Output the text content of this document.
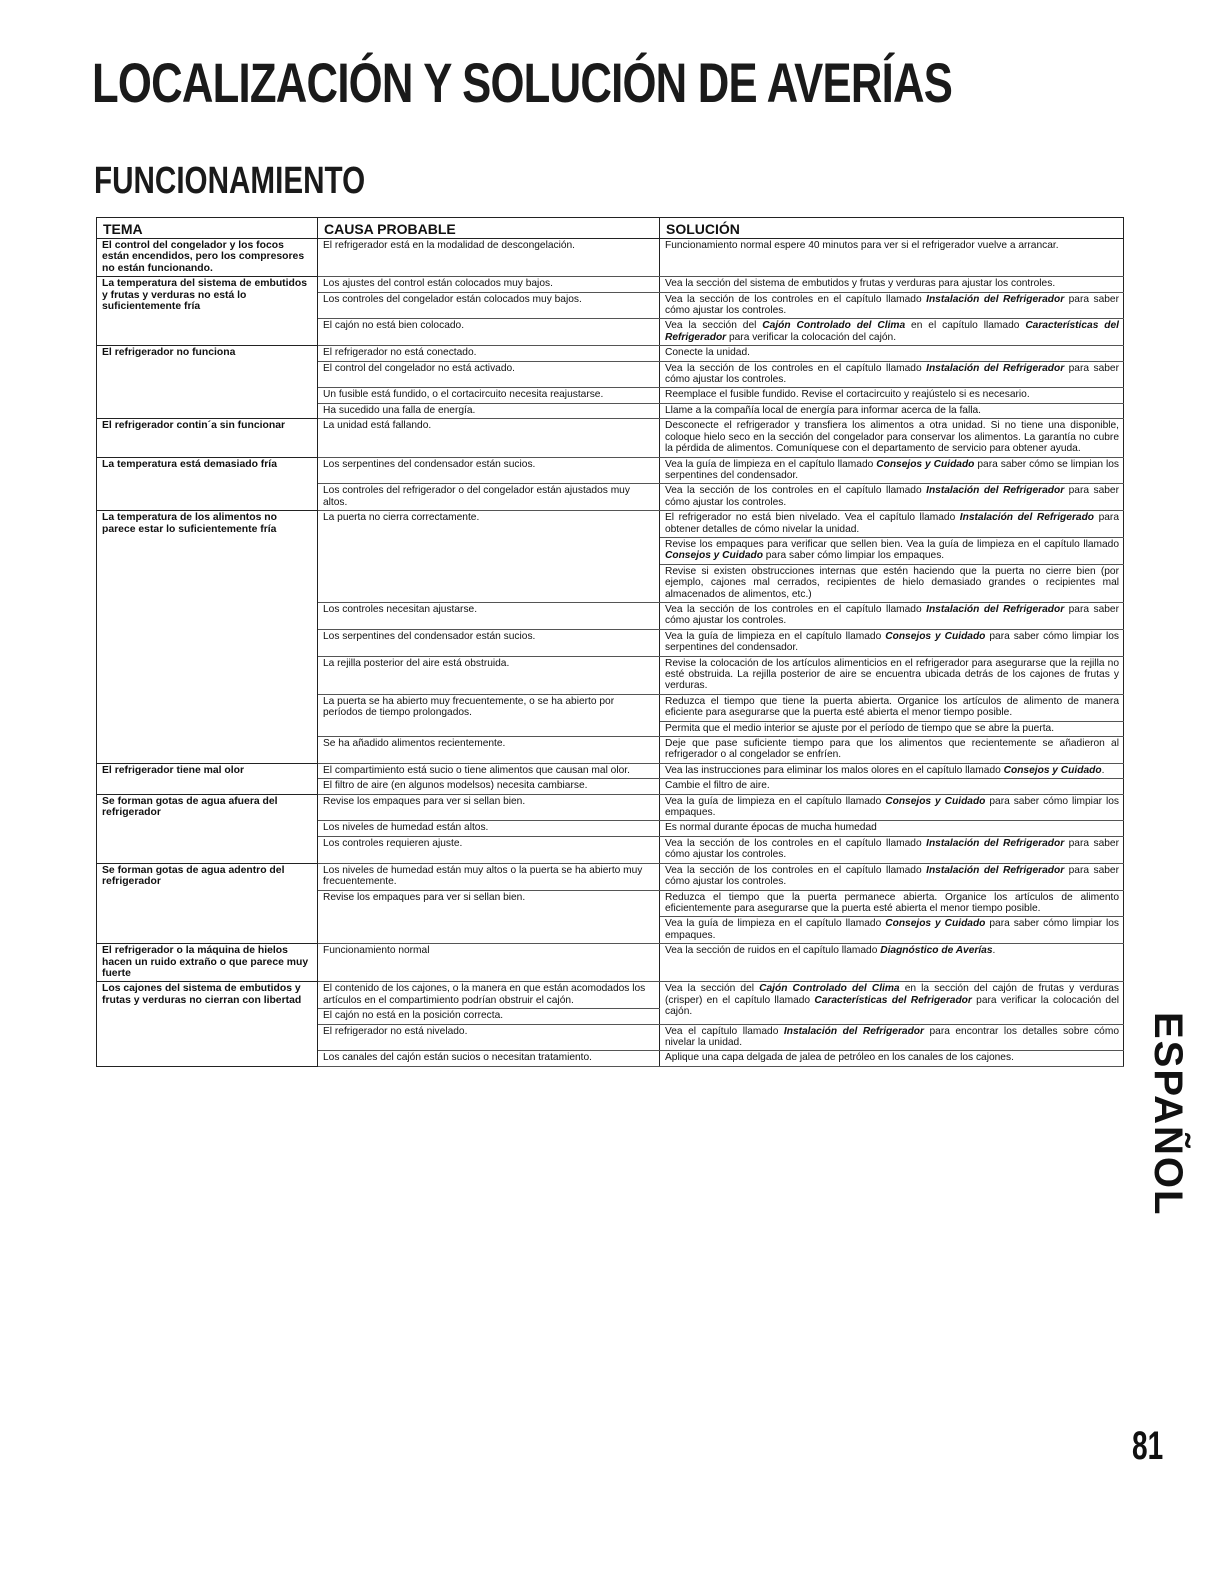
LOCALIZACIÓN Y SOLUCIÓN DE AVERÍAS
FUNCIONAMIENTO
TEMA	CAUSA PROBABLE	SOLUCIÓN
El control del congelador y los focos están encendidos, pero los compresores no están funcionando.	El refrigerador está en la modalidad de descongelación.	Funcionamiento normal espere 40 minutos para ver si el refrigerador vuelve a arrancar.
La temperatura del sistema de embutidos y frutas y verduras no está lo suficientemente fría	Los ajustes del control están colocados muy bajos.	Vea la sección del sistema de embutidos y frutas y verduras para ajustar los controles.
	Los controles del congelador están colocados muy bajos.	Vea la sección de los controles en el capítulo llamado Instalación del Refrigerador para saber cómo ajustar los controles.
	El cajón no está bien colocado.	Vea la sección del Cajón Controlado del Clima en el capítulo llamado Características del Refrigerador para verificar la colocación del cajón.
El refrigerador no funciona	El refrigerador no está conectado.	Conecte la unidad.
	El control del congelador no está activado.	Vea la sección de los controles en el capítulo llamado Instalación del Refrigerador para saber cómo ajustar los controles.
	Un fusible está fundido, o el cortacircuito necesita reajustarse.	Reemplace el fusible fundido. Revise el cortacircuito y reajústelo si es necesario.
	Ha sucedido una falla de energía.	Llame a la compañía local de energía para informar acerca de la falla.
El refrigerador contin´a sin funcionar	La unidad está fallando.	Desconecte el refrigerador y transfiera los alimentos a otra unidad. Si no tiene una disponible, coloque hielo seco en la sección del congelador para conservar los alimentos. La garantía no cubre la pérdida de alimentos. Comuníquese con el departamento de servicio para obtener ayuda.
La temperatura está demasiado fría	Los serpentines del condensador están sucios.	Vea la guía de limpieza en el capítulo llamado Consejos y Cuidado para saber cómo se limpian los serpentines del condensador.
	Los controles del refrigerador o del congelador están ajustados muy altos.	Vea la sección de los controles en el capítulo llamado Instalación del Refrigerador para saber cómo ajustar los controles.
La temperatura de los alimentos no parece estar lo suficientemente fría	La puerta no cierra correctamente.	El refrigerador no está bien nivelado. Vea el capítulo llamado Instalación del Refrigerado para obtener detalles de cómo nivelar la unidad.
		Revise los empaques para verificar que sellen bien. Vea la guía de limpieza en el capítulo llamado Consejos y Cuidado para saber cómo limpiar los empaques.
		Revise si existen obstrucciones internas que estén haciendo que la puerta no cierre bien (por ejemplo, cajones mal cerrados, recipientes de hielo demasiado grandes o recipientes mal almacenados de alimentos, etc.)
	Los controles necesitan ajustarse.	Vea la sección de los controles en el capítulo llamado Instalación del Refrigerador para saber cómo ajustar los controles.
	Los serpentines del condensador están sucios.	Vea la guía de limpieza en el capítulo llamado Consejos y Cuidado para saber cómo limpiar los serpentines del condensador.
	La rejilla posterior del aire está obstruida.	Revise la colocación de los artículos alimenticios en el refrigerador para asegurarse que la rejilla no esté obstruida. La rejilla posterior de aire se encuentra ubicada detrás de los cajones de frutas y verduras.
	La puerta se ha abierto muy frecuentemente, o se ha abierto por períodos de tiempo prolongados.	Reduzca el tiempo que tiene la puerta abierta. Organice los artículos de alimento de manera eficiente para asegurarse que la puerta esté abierta el menor tiempo posible.
		Permita que el medio interior se ajuste por el período de tiempo que se abre la puerta.
	Se ha añadido alimentos recientemente.	Deje que pase suficiente tiempo para que los alimentos que recientemente se añadieron al refrigerador o al congelador se enfríen.
El refrigerador tiene mal olor	El compartimiento está sucio o tiene alimentos que causan mal olor.	Vea las instrucciones para eliminar los malos olores en el capítulo llamado Consejos y Cuidado.
	El filtro de aire (en algunos modelsos) necesita cambiarse.	Cambie el filtro de aire.
Se forman gotas de agua afuera del refrigerador	Revise los empaques para ver si sellan bien.	Vea la guía de limpieza en el capítulo llamado Consejos y Cuidado para saber cómo limpiar los empaques.
	Los niveles de humedad están altos.	Es normal durante épocas de mucha humedad
	Los controles requieren ajuste.	Vea la sección de los controles en el capítulo llamado Instalación del Refrigerador para saber cómo ajustar los controles.
Se forman gotas de agua adentro del refrigerador	Los niveles de humedad están muy altos o la puerta se ha abierto muy frecuentemente.	Vea la sección de los controles en el capítulo llamado Instalación del Refrigerador para saber cómo ajustar los controles.
	Revise los empaques para ver si sellan bien.	Reduzca el tiempo que la puerta permanece abierta. Organice los artículos de alimento eficientemente para asegurarse que la puerta esté abierta el menor tiempo posible.
		Vea la guía de limpieza en el capítulo llamado Consejos y Cuidado para saber cómo limpiar los empaques.
El refrigerador o la máquina de hielos hacen un ruido extraño o que parece muy fuerte	Funcionamiento normal	Vea la sección de ruidos en el capítulo llamado Diagnóstico de Averías.
Los cajones del sistema de embutidos y frutas y verduras no cierran con libertad	El contenido de los cajones, o la manera en que están acomodados los artículos en el compartimiento podrían obstruir el cajón.	Vea la sección del Cajón Controlado del Clima en la sección del cajón de frutas y verduras (crisper) en el capítulo llamado Características del Refrigerador para verificar la colocación del cajón.
	El cajón no está en la posición correcta.	
	El refrigerador no está nivelado.	Vea el capítulo llamado Instalación del Refrigerador para encontrar los detalles sobre cómo nivelar la unidad.
	Los canales del cajón están sucios o necesitan tratamiento.	Aplique una capa delgada de jalea de petróleo en los canales de los cajones.	ESPAÑOL
81
